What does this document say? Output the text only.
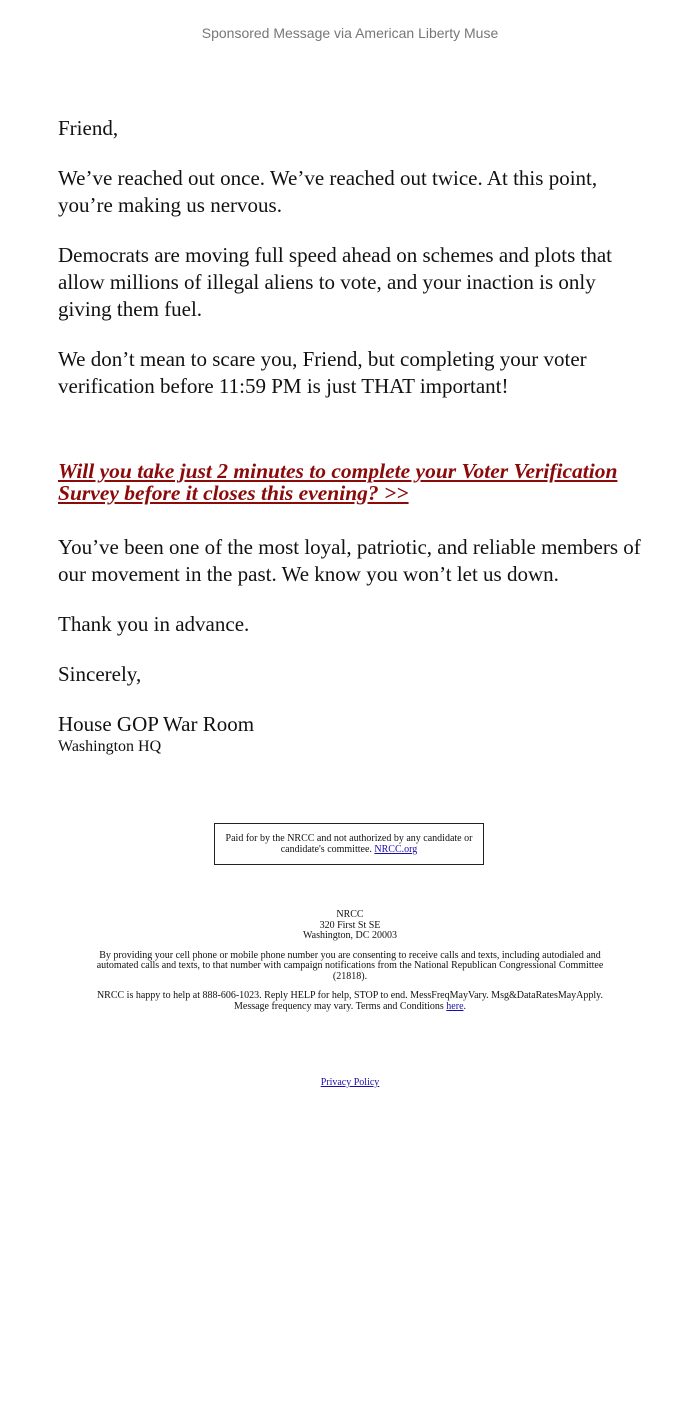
Sponsored Message via American Liberty Muse

Friend,

We’ve reached out once. We’ve reached out twice. At this point, you’re making us nervous.

Democrats are moving full speed ahead on schemes and plots that allow millions of illegal aliens to vote, and your inaction is only giving them fuel.

We don’t mean to scare you, Friend, but completing your voter verification before 11:59 PM is just THAT important!

Will you take just 2 minutes to complete your Voter Verification Survey before it closes this evening? >>

You’ve been one of the most loyal, patriotic, and reliable members of our movement in the past. We know you won’t let us down.

Thank you in advance.

Sincerely,

House GOP War Room
Washington HQ
Paid for by the NRCC and not authorized by any candidate or candidate's committee. NRCC.org

NRCC
320 First St SE
Washington, DC 20003

By providing your cell phone or mobile phone number you are consenting to receive calls and texts, including autodialed and automated calls and texts, to that number with campaign notifications from the National Republican Congressional Committee (21818).

NRCC is happy to help at 888-606-1023. Reply HELP for help, STOP to end. MessFreqMayVary. Msg&DataRatesMayApply. Message frequency may vary. Terms and Conditions here.

Privacy Policy
